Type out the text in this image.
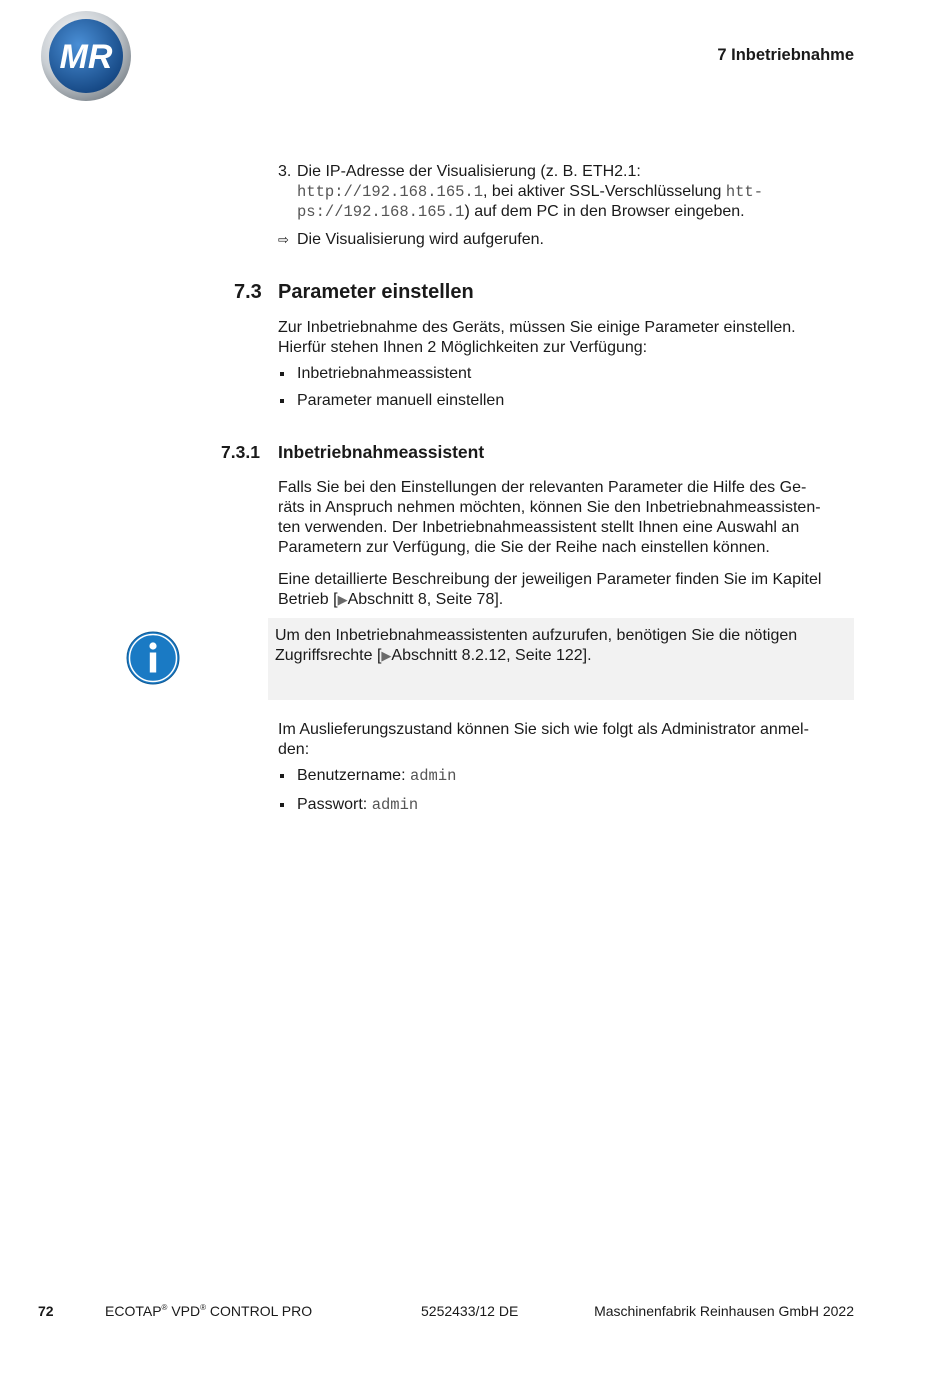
MR	7 Inbetriebnahme
3. Die IP-Adresse der Visualisierung (z. B. ETH2.1:
http://192.168.165.1, bei aktiver SSL-Verschlüsselung htt-
ps://192.168.165.1) auf dem PC in den Browser eingeben.
⇨ Die Visualisierung wird aufgerufen.
7.3 Parameter einstellen
Zur Inbetriebnahme des Geräts, müssen Sie einige Parameter einstellen.
Hierfür stehen Ihnen 2 Möglichkeiten zur Verfügung:
Inbetriebnahmeassistent
Parameter manuell einstellen
7.3.1 Inbetriebnahmeassistent
Falls Sie bei den Einstellungen der relevanten Parameter die Hilfe des Ge-
räts in Anspruch nehmen möchten, können Sie den Inbetriebnahmeassisten-
ten verwenden. Der Inbetriebnahmeassistent stellt Ihnen eine Auswahl an
Parametern zur Verfügung, die Sie der Reihe nach einstellen können.
Eine detaillierte Beschreibung der jeweiligen Parameter finden Sie im Kapitel
Betrieb [▶Abschnitt 8, Seite 78].
Um den Inbetriebnahmeassistenten aufzurufen, benötigen Sie die nötigen
Zugriffsrechte [▶Abschnitt 8.2.12, Seite 122].
Im Auslieferungszustand können Sie sich wie folgt als Administrator anmel-
den:
Benutzername: admin
Passwort: admin
72	ECOTAP® VPD® CONTROL PRO	5252433/12 DE	Maschinenfabrik Reinhausen GmbH 2022
